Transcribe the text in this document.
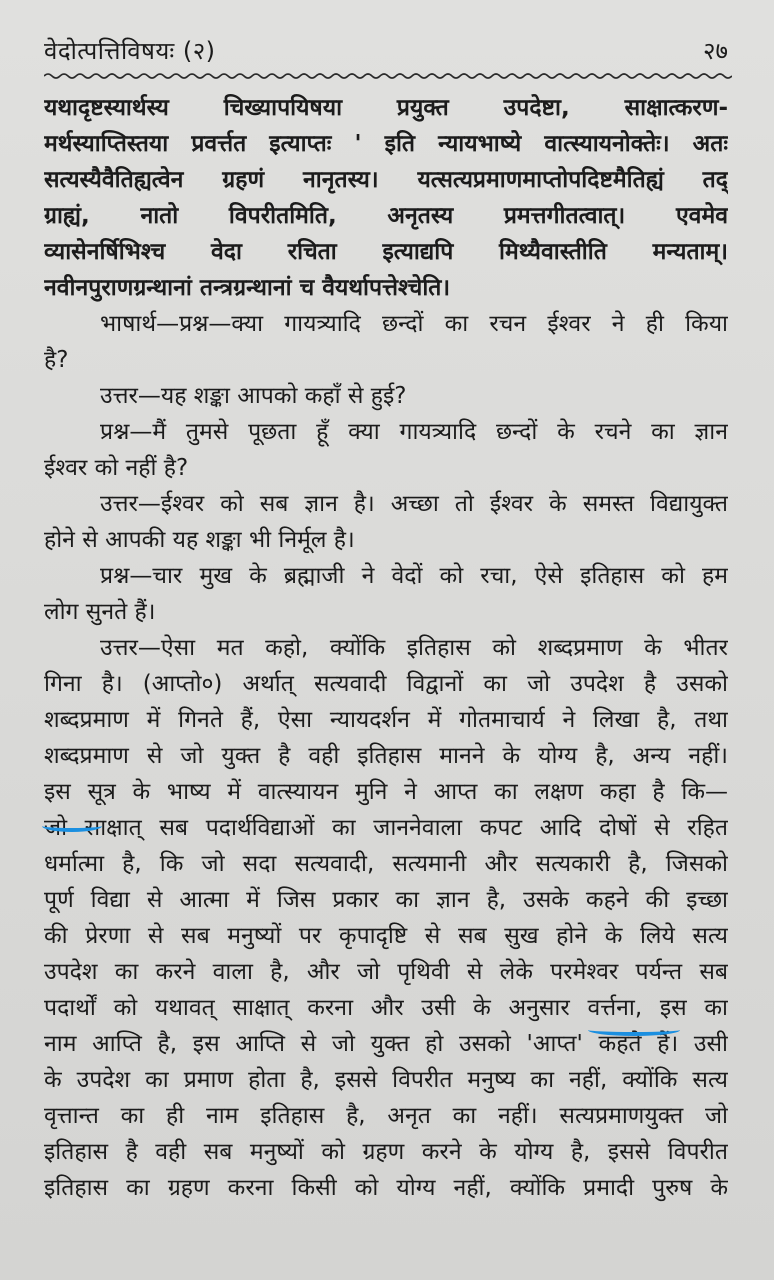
वेदोत्पत्तिविषयः (२)	२७
यथादृष्टस्यार्थस्य चिख्यापयिषया प्रयुक्त उपदेष्टा, साक्षात्करण-
मर्थस्याप्तिस्तया प्रवर्त्तत इत्याप्तः ' इति न्यायभाष्ये वात्स्यायनोक्तेः। अतः
सत्यस्यैवैतिह्यत्वेन ग्रहणं नानृतस्य। यत्सत्यप्रमाणमाप्तोपदिष्टमैतिह्यं तद्
ग्राह्यं, नातो विपरीतमिति, अनृतस्य प्रमत्तगीतत्वात्। एवमेव
व्यासेनर्षिभिश्च वेदा रचिता इत्याद्यपि मिथ्यैवास्तीति मन्यताम्।
नवीनपुराणग्रन्थानां तन्त्रग्रन्थानां च वैयर्थापत्तेश्चेति।
भाषार्थ—प्रश्न—क्या गायत्र्यादि छन्दों का रचन ईश्वर ने ही किया
है?
उत्तर—यह शङ्का आपको कहाँ से हुई?
प्रश्न—मैं तुमसे पूछता हूँ क्या गायत्र्यादि छन्दों के रचने का ज्ञान
ईश्वर को नहीं है?
उत्तर—ईश्वर को सब ज्ञान है। अच्छा तो ईश्वर के समस्त विद्यायुक्त
होने से आपकी यह शङ्का भी निर्मूल है।
प्रश्न—चार मुख के ब्रह्माजी ने वेदों को रचा, ऐसे इतिहास को हम
लोग सुनते हैं।
उत्तर—ऐसा मत कहो, क्योंकि इतिहास को शब्दप्रमाण के भीतर
गिना है। (आप्तो०) अर्थात् सत्यवादी विद्वानों का जो उपदेश है उसको
शब्दप्रमाण में गिनते हैं, ऐसा न्यायदर्शन में गोतमाचार्य ने लिखा है, तथा
शब्दप्रमाण से जो युक्त है वही इतिहास मानने के योग्य है, अन्य नहीं।
इस सूत्र के भाष्य में वात्स्यायन मुनि ने आप्त का लक्षण कहा है कि—
जो साक्षात् सब पदार्थविद्याओं का जाननेवाला कपट आदि दोषों से रहित
धर्मात्मा है, कि जो सदा सत्यवादी, सत्यमानी और सत्यकारी है, जिसको
पूर्ण विद्या से आत्मा में जिस प्रकार का ज्ञान है, उसके कहने की इच्छा
की प्रेरणा से सब मनुष्यों पर कृपादृष्टि से सब सुख होने के लिये सत्य
उपदेश का करने वाला है, और जो पृथिवी से लेके परमेश्वर पर्यन्त सब
पदार्थों को यथावत् साक्षात् करना और उसी के अनुसार वर्त्तना, इस का
नाम आप्ति है, इस आप्ति से जो युक्त हो उसको 'आप्त' कहते हैं। उसी
के उपदेश का प्रमाण होता है, इससे विपरीत मनुष्य का नहीं, क्योंकि सत्य
वृत्तान्त का ही नाम इतिहास है, अनृत का नहीं। सत्यप्रमाणयुक्त जो
इतिहास है वही सब मनुष्यों को ग्रहण करने के योग्य है, इससे विपरीत
इतिहास का ग्रहण करना किसी को योग्य नहीं, क्योंकि प्रमादी पुरुष के
